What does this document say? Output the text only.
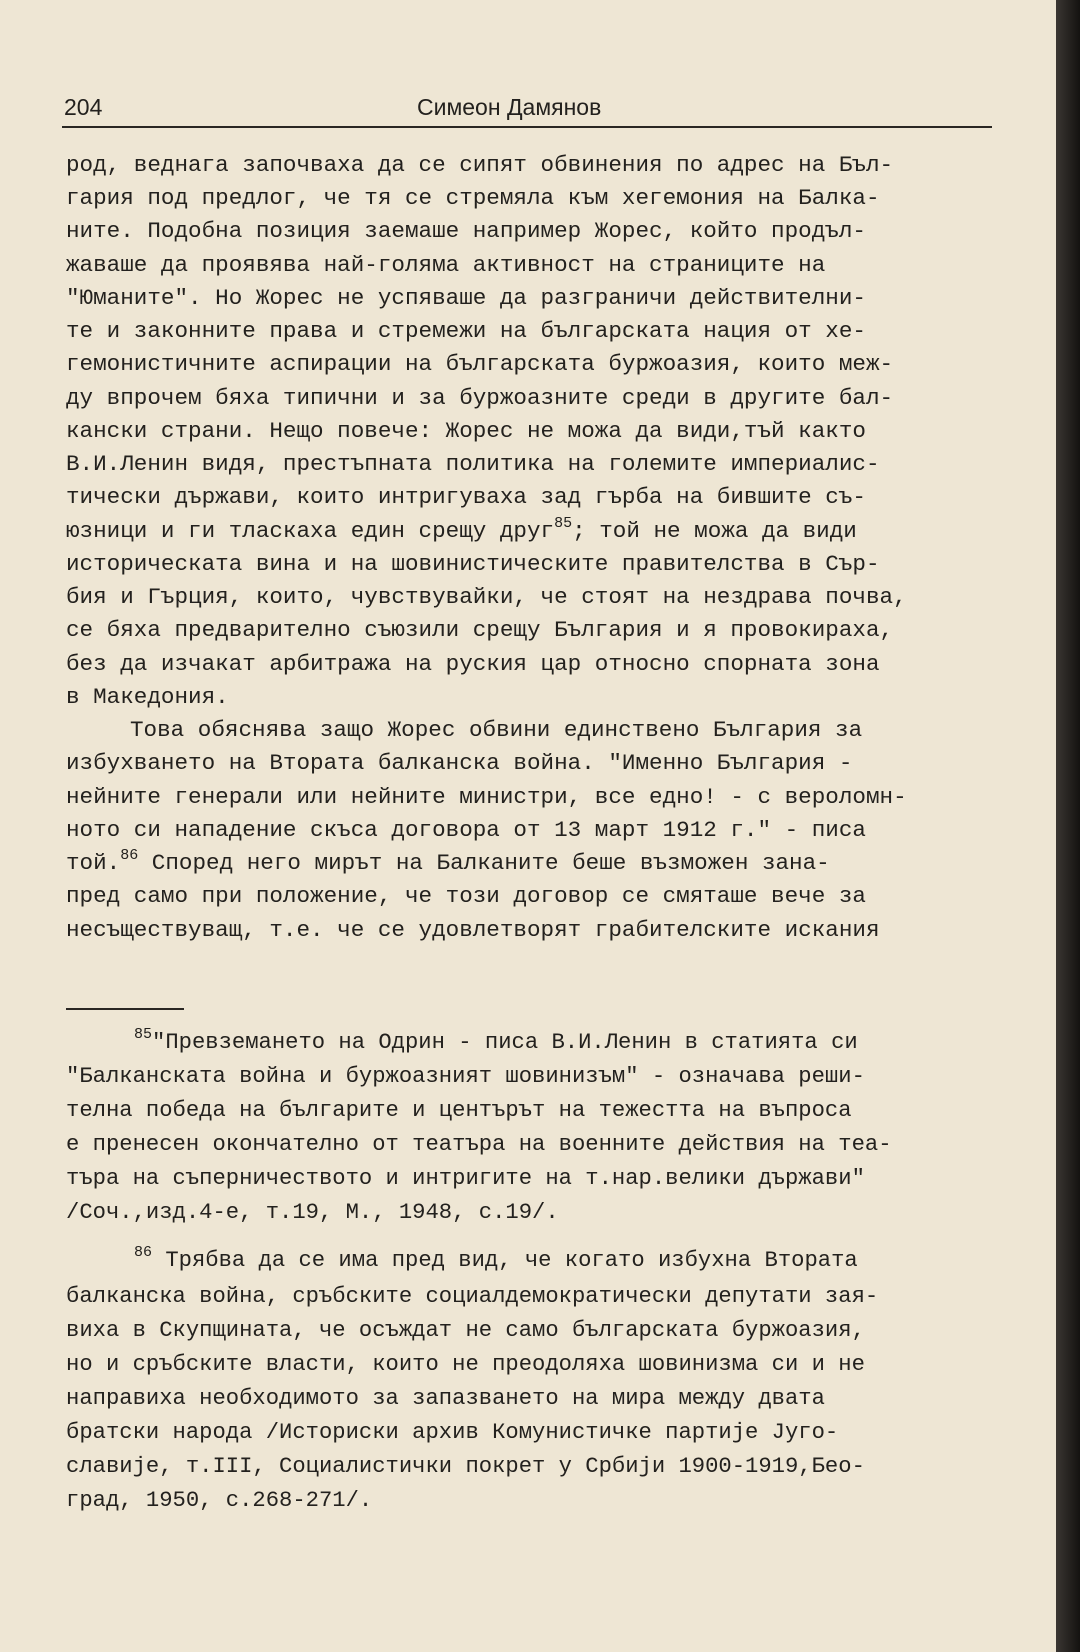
204	Симеон Дамянов
род, веднага започваха да се сипят обвинения по адрес на Бъл-
гария под предлог, че тя се стремяла към хегемония на Балка-
ните. Подобна позиция заемаше например Жорес, който продъл-
жаваше да проявява най-голяма активност на страниците на
"Юманите". Но Жорес не успяваше да разграничи действителни-
те и законните права и стремежи на българската нация от хе-
гемонистичните аспирации на българската буржоазия, които меж-
ду впрочем бяха типични и за буржоазните среди в другите бал-
кански страни. Нещо повече: Жорес не можа да види,тъй както
В.И.Ленин видя, престъпната политика на големите империалис-
тически държави, които интригуваха зад гърба на бившите съ-
юзници и ги тласкаха един срещу друг$^{85}$; той не можа да види
историческата вина и на шовинистическите правителства в Сър-
бия и Гърция, които, чувствувайки, че стоят на нездрава почва,
се бяха предварително съюзили срещу България и я провокираха,
без да изчакат арбитража на руския цар относно спорната зона
в Македония.
Това обяснява защо Жорес обвини единствено България за
избухването на Втората балканска война. "Именно България -
нейните генерали или нейните министри, все едно! - с вероломн-
ното си нападение скъса договора от 13 март 1912 г." - писа
той.$^{86}$ Според него мирът на Балканите беше възможен зана-
пред само при положение, че този договор се смяташе вече за
несъществуващ, т.е. че се удовлетворят грабителските искания
$^{85}$"Превземането на Одрин - писа В.И.Ленин в статията си
"Балканската война и буржоазният шовинизъм" - означава реши-
телна победа на българите и центърът на тежестта на въпроса
е пренесен окончателно от театъра на военните действия на теа-
търа на съперничеството и интригите на т.нар.велики държави"
/Соч.,изд.4-е, т.19, М., 1948, с.19/.
$^{86}$ Трябва да се има пред вид, че когато избухна Втората
балканска война, сръбските социалдемократически депутати зая-
виха в Скупщината, че осъждат не само българската буржоазия,
но и сръбските власти, които не преодоляха шовинизма си и не
направиха необходимото за запазването на мира между двата
братски народа /Историски архив Комунистичке партије Југо-
славије, т.III, Социалистички покрет у Србији 1900-1919,Бео-
град, 1950, с.268-271/.
